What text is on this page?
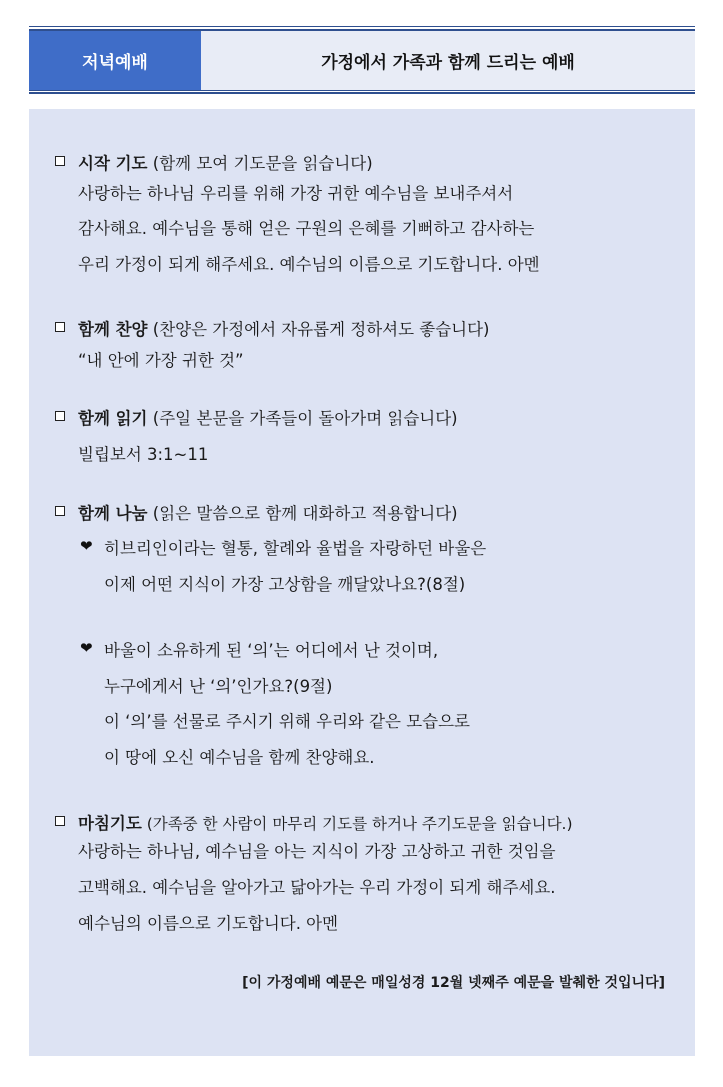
저녁예배	가정에서 가족과 함께 드리는 예배
시작 기도 (함께 모여 기도문을 읽습니다)
사랑하는 하나님 우리를 위해 가장 귀한 예수님을 보내주셔서
감사해요. 예수님을 통해 얻은 구원의 은혜를 기뻐하고 감사하는
우리 가정이 되게 해주세요. 예수님의 이름으로 기도합니다. 아멘
함께 찬양 (찬양은 가정에서 자유롭게 정하셔도 좋습니다)
“내 안에 가장 귀한 것”
함께 읽기 (주일 본문을 가족들이 돌아가며 읽습니다)
빌립보서 3:1~11
함께 나눔 (읽은 말씀으로 함께 대화하고 적용합니다)
❤ 히브리인이라는 혈통, 할례와 율법을 자랑하던 바울은
이제 어떤 지식이 가장 고상함을 깨달았나요?(8절)
❤ 바울이 소유하게 된 ‘의’는 어디에서 난 것이며,
누구에게서 난 ‘의’인가요?(9절)
이 ‘의’를 선물로 주시기 위해 우리와 같은 모습으로
이 땅에 오신 예수님을 함께 찬양해요.
마침기도 (가족중 한 사람이 마무리 기도를 하거나 주기도문을 읽습니다.)
사랑하는 하나님, 예수님을 아는 지식이 가장 고상하고 귀한 것임을
고백해요. 예수님을 알아가고 닮아가는 우리 가정이 되게 해주세요.
예수님의 이름으로 기도합니다. 아멘
[이 가정예배 예문은 매일성경 12월 넷째주 예문을 발췌한 것입니다]
